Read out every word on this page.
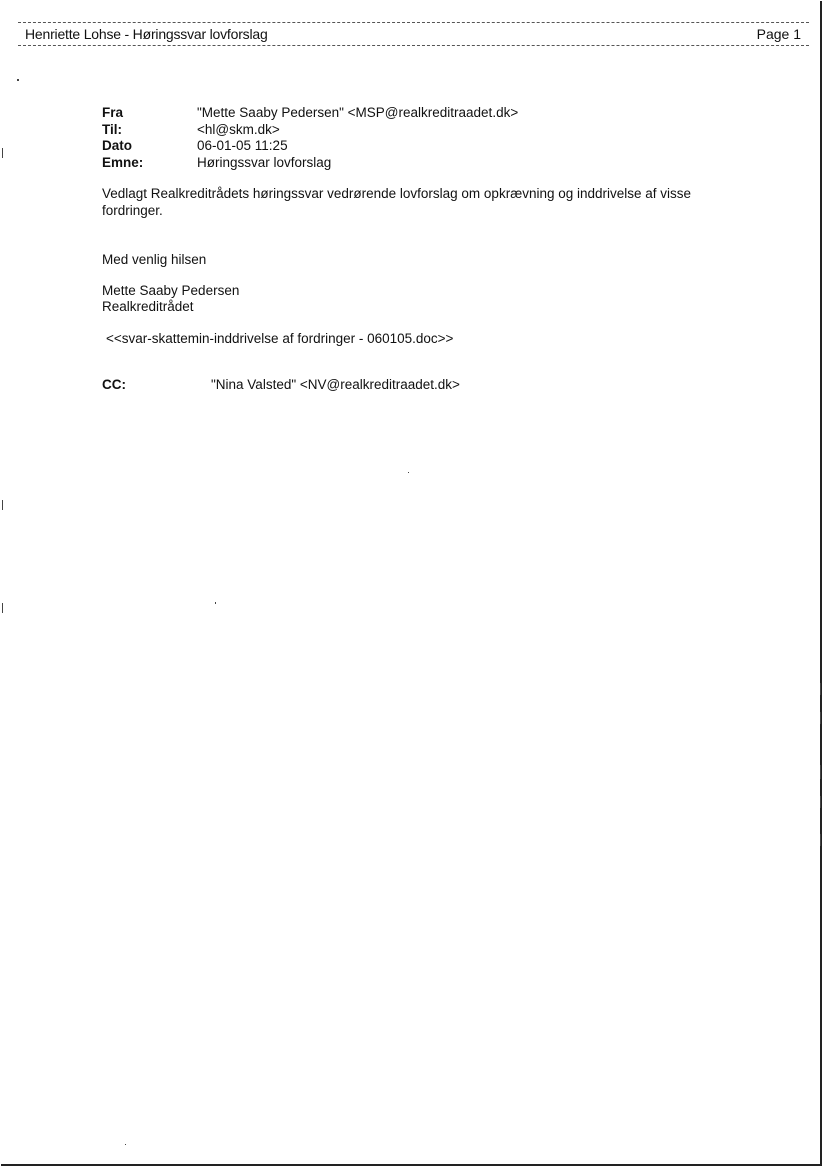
Henriette Lohse - Høringssvar lovforslag	Page 1
Fra	"Mette Saaby Pedersen" <MSP@realkreditraadet.dk>
Til:	<hl@skm.dk>
Dato	06-01-05 11:25
Emne:	Høringssvar lovforslag
Vedlagt Realkreditrådets høringssvar vedrørende lovforslag om opkrævning og inddrivelse af visse fordringer.
Med venlig hilsen
Mette Saaby Pedersen
Realkreditrådet
<<svar-skattemin-inddrivelse af fordringer - 060105.doc>>
CC:	"Nina Valsted" <NV@realkreditraadet.dk>
